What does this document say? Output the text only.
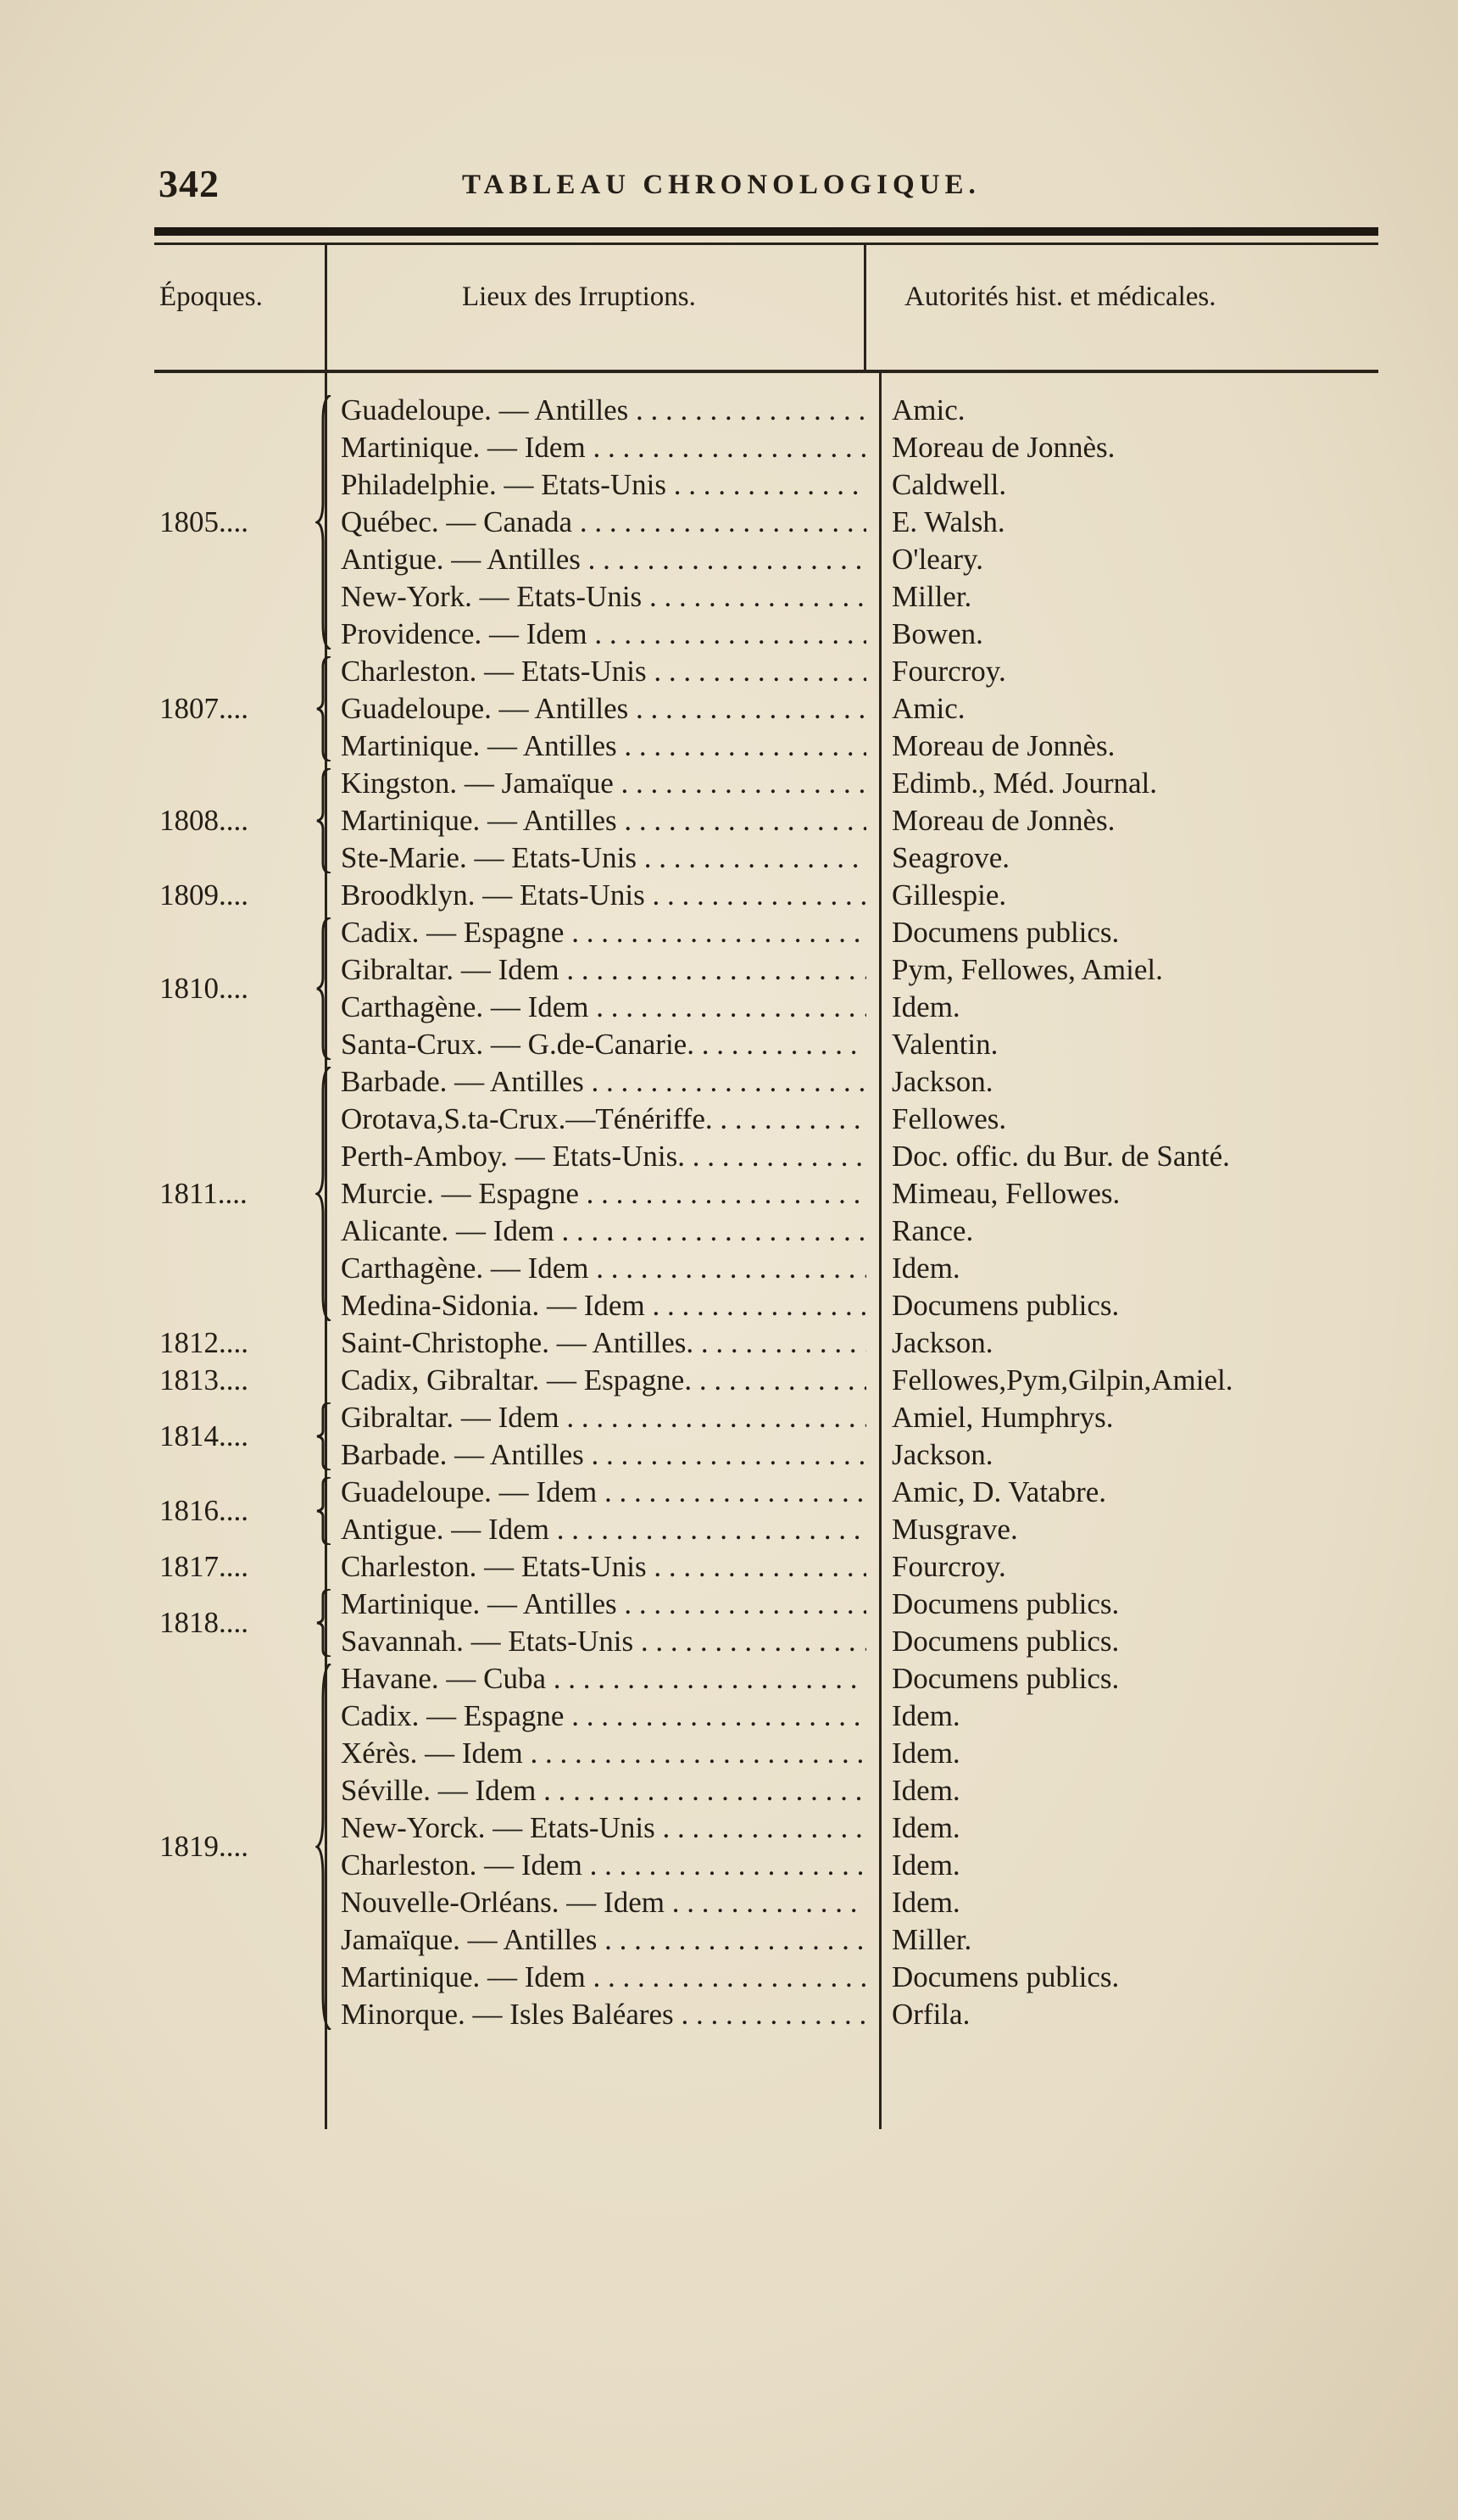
342	TABLEAU CHRONOLOGIQUE.
Époques.	Lieux des Irruptions.	Autorités hist. et médicales.
1805....
Guadeloupe. — Antilles . . .	Amic.
Martinique. — Idem . . .	Moreau de Jonnès.
Philadelphie. — Etats-Unis . . .	Caldwell.
Québec. — Canada . . .	E. Walsh.
Antigue. — Antilles . . .	O'leary.
New-York. — Etats-Unis . . .	Miller.
Providence. — Idem . . .	Bowen.
1807....
Charleston. — Etats-Unis . . .	Fourcroy.
Guadeloupe. — Antilles . . .	Amic.
Martinique. — Antilles . . .	Moreau de Jonnès.
1808....
Kingston. — Jamaïque . . .	Edimb., Méd. Journal.
Martinique. — Antilles . . .	Moreau de Jonnès.
Ste-Marie. — Etats-Unis . . .	Seagrove.
1809....	Broodklyn. — Etats-Unis . . .	Gillespie.
1810....
Cadix. — Espagne . . .	Documens publics.
Gibraltar. — Idem . . .	Pym, Fellowes, Amiel.
Carthagène. — Idem . . .	Idem.
Santa-Crux. — G.de-Canarie. . . .	Valentin.
1811....
Barbade. — Antilles . . .	Jackson.
Orotava,S.ta-Crux.—Ténériffe. . . .	Fellowes.
Perth-Amboy. — Etats-Unis. . . .	Doc. offic. du Bur. de Santé.
Murcie. — Espagne . . .	Mimeau, Fellowes.
Alicante. — Idem . . .	Rance.
Carthagène. — Idem . . .	Idem.
Medina-Sidonia. — Idem . . .	Documens publics.
1812....	Saint-Christophe. — Antilles. . . .	Jackson.
1813....	Cadix, Gibraltar. — Espagne. . . .	Fellowes,Pym,Gilpin,Amiel.
1814....
Gibraltar. — Idem . . .	Amiel, Humphrys.
Barbade. — Antilles . . .	Jackson.
1816....
Guadeloupe. — Idem . . .	Amic, D. Vatabre.
Antigue. — Idem . . .	Musgrave.
1817....	Charleston. — Etats-Unis . . .	Fourcroy.
1818....
Martinique. — Antilles . . .	Documens publics.
Savannah. — Etats-Unis . . .	Documens publics.
1819....
Havane. — Cuba . . .	Documens publics.
Cadix. — Espagne . . .	Idem.
Xérès. — Idem . . .	Idem.
Séville. — Idem . . .	Idem.
New-Yorck. — Etats-Unis . . .	Idem.
Charleston. — Idem . . .	Idem.
Nouvelle-Orléans. — Idem . . .	Idem.
Jamaïque. — Antilles . . .	Miller.
Martinique. — Idem . . .	Documens publics.
Minorque. — Isles Baléares . . .	Orfila.
